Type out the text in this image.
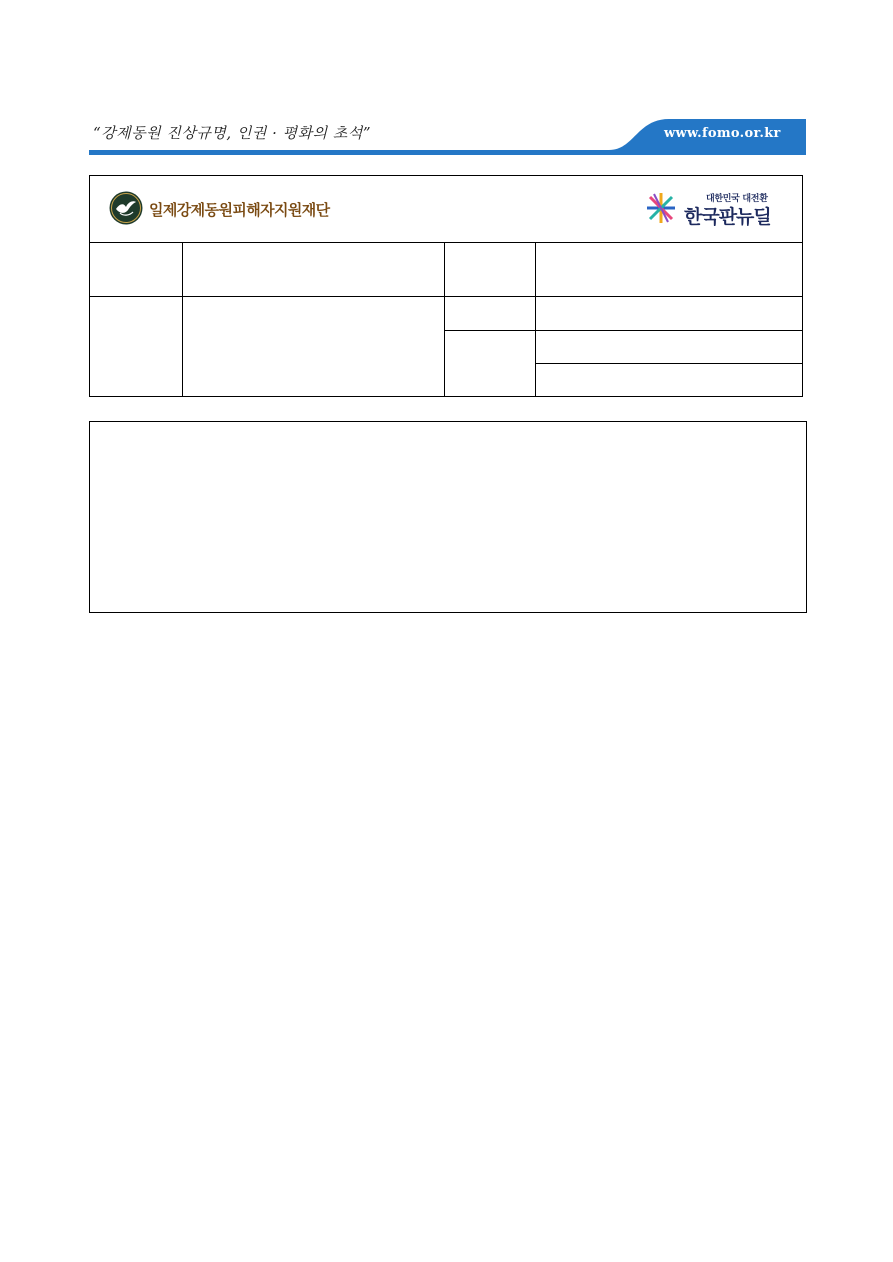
“강제동원 진상규명, 인권 · 평화의 초석”	www.fomo.or.kr
일제강제동원피해자지원재단
대한민국 대전환
한국판뉴딜
